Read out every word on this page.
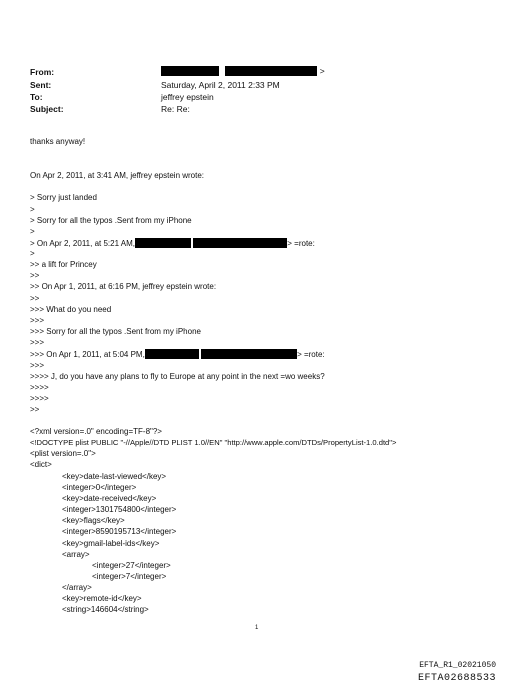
From:	>
Sent:	Saturday, April 2, 2011 2:33 PM
To:	jeffrey epstein
Subject:	Re: Re:
thanks anyway!
On Apr 2, 2011, at 3:41 AM, jeffrey epstein wrote:
> Sorry just landed
>
> Sorry for all the typos .Sent from my iPhone
>
> On Apr 2, 2011, at 5:21 AM,	> =rote:
>
>> a lift for Princey
>>
>> On Apr 1, 2011, at 6:16 PM, jeffrey epstein wrote:
>>
>>> What do you need
>>>
>>> Sorry for all the typos .Sent from my iPhone
>>>
>>> On Apr 1, 2011, at 5:04 PM,	> =rote:
>>>
>>>> J, do you have any plans to fly to Europe at any point in the next =wo weeks?
>>>>
>>>>
>>
<?xml version=.0" encoding=TF-8"?>
<!DOCTYPE plist PUBLIC "-//Apple//DTD PLIST 1.0//EN" "http://www.apple.com/DTDs/PropertyList-1.0.dtd">
<plist version=.0">
<dict>
<key>date-last-viewed</key>
<integer>0</integer>
<key>date-received</key>
<integer>1301754800</integer>
<key>flags</key>
<integer>8590195713</integer>
<key>gmail-label-ids</key>
<array>
<integer>27</integer>
<integer>7</integer>
</array>
<key>remote-id</key>
<string>146604</string>
1
EFTA_R1_02021050
EFTA02688533
